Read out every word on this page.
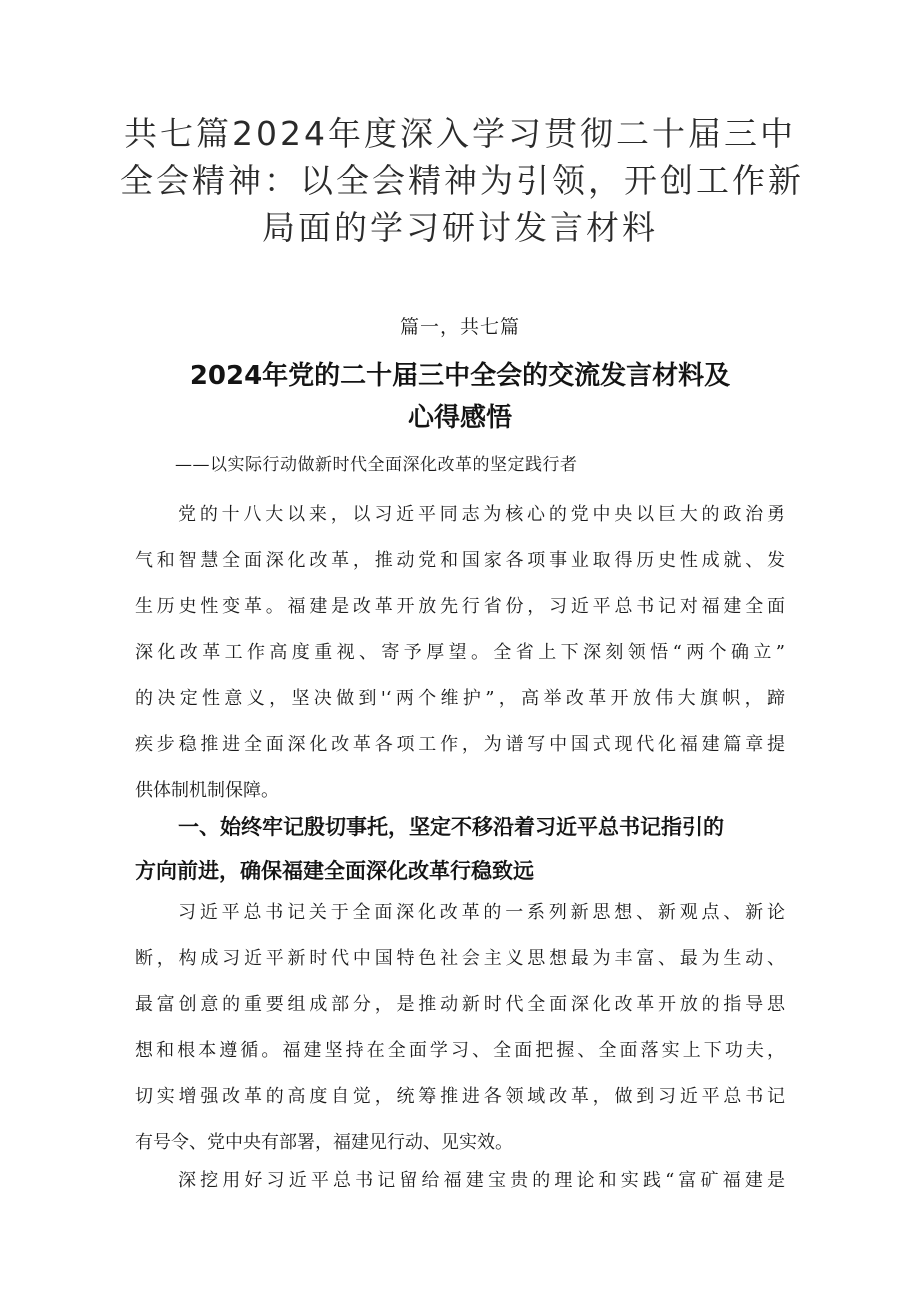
共七篇2024年度深入学习贯彻二十届三中
全会精神：以全会精神为引领，开创工作新
局面的学习研讨发言材料
篇一，共七篇
2024年党的二十届三中全会的交流发言材料及
心得感悟
——以实际行动做新时代全面深化改革的坚定践行者
党的十八大以来，以习近平同志为核心的党中央以巨大的政治勇
气和智慧全面深化改革，推动党和国家各项事业取得历史性成就、发
生历史性变革。福建是改革开放先行省份，习近平总书记对福建全面
深化改革工作高度重视、寄予厚望。全省上下深刻领悟“两个确立”
的决定性意义，坚决做到'‘两个维护”，高举改革开放伟大旗帜，蹄
疾步稳推进全面深化改革各项工作，为谱写中国式现代化福建篇章提
供体制机制保障。
一、始终牢记殷切事托，坚定不移沿着习近平总书记指引的
方向前进，确保福建全面深化改革行稳致远
习近平总书记关于全面深化改革的一系列新思想、新观点、新论
断，构成习近平新时代中国特色社会主义思想最为丰富、最为生动、
最富创意的重要组成部分，是推动新时代全面深化改革开放的指导思
想和根本遵循。福建坚持在全面学习、全面把握、全面落实上下功夫，
切实增强改革的高度自觉，统筹推进各领域改革，做到习近平总书记
有号令、党中央有部署，福建见行动、见实效。
深挖用好习近平总书记留给福建宝贵的理论和实践“富矿福建是
